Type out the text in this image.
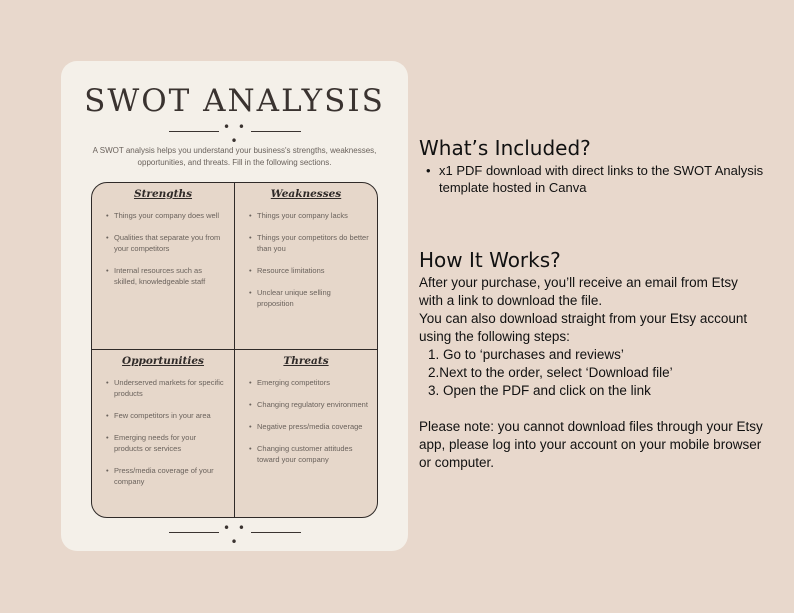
SWOT ANALYSIS
• • •
A SWOT analysis helps you understand your business's strengths, weaknesses, opportunities, and threats. Fill in the following sections.
Strengths
• Things your company does well
• Qualities that separate you from your competitors
• Internal resources such as skilled, knowledgeable staff
Weaknesses
• Things your company lacks
• Things your competitors do better than you
• Resource limitations
• Unclear unique selling proposition
Opportunities
• Underserved markets for specific products
• Few competitors in your area
• Emerging needs for your products or services
• Press/media coverage of your company
Threats
• Emerging competitors
• Changing regulatory environment
• Negative press/media coverage
• Changing customer attitudes toward your company
• • •
What’s Included?
• x1 PDF download with direct links to the SWOT Analysis template hosted in Canva
How It Works?

After your purchase, you’ll receive an email from Etsy with a link to download the file.

You can also download straight from your Etsy account using the following steps:

1. Go to ‘purchases and reviews’
2.Next to the order, select ‘Download file’
3. Open the PDF and click on the link

Please note: you cannot download files through your Etsy app, please log into your account on your mobile browser or computer.
